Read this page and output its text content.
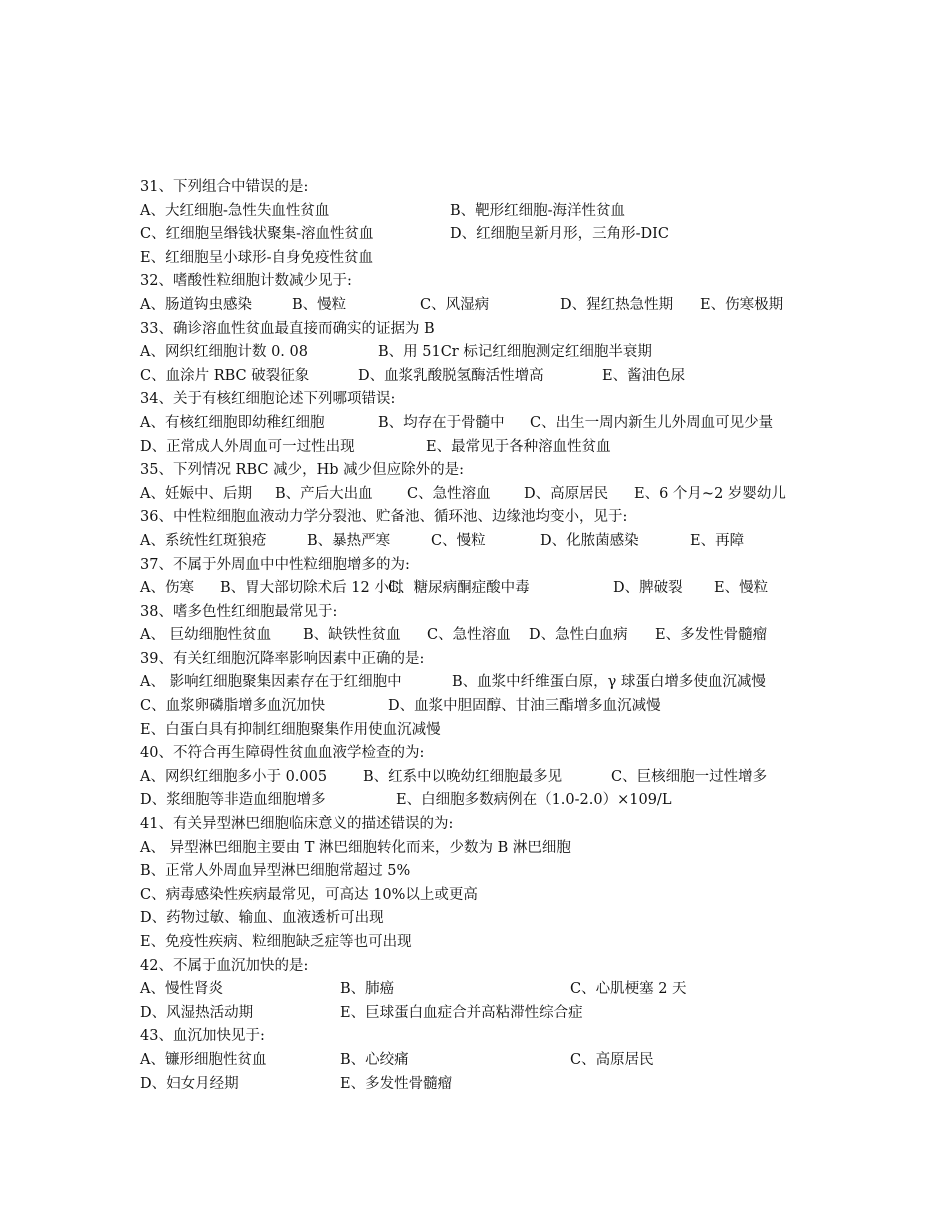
31、下列组合中错误的是:
A、大红细胞-急性失血性贫血	B、靶形红细胞-海洋性贫血
C、红细胞呈缗钱状聚集-溶血性贫血	D、红细胞呈新月形，三角形-DIC
E、红细胞呈小球形-自身免疫性贫血
32、嗜酸性粒细胞计数减少见于:
A、肠道钩虫感染	B、慢粒	C、风湿病	D、猩红热急性期 E、伤寒极期
33、确诊溶血性贫血最直接而确实的证据为 B
A、网织红细胞计数 0. 08	B、用 51Cr 标记红细胞测定红细胞半衰期
C、血涂片 RBC 破裂征象	D、血浆乳酸脱氢酶活性增高	E、酱油色尿
34、关于有核红细胞论述下列哪项错误:
A、有核红细胞即幼稚红细胞	B、均存在于骨髓中 C、出生一周内新生儿外周血可见少量
D、正常成人外周血可一过性出现	E、最常见于各种溶血性贫血
35、下列情况 RBC 减少，Hb 减少但应除外的是:
A、妊娠中、后期 B、产后大出血 C、急性溶血 D、高原居民 E、6 个月~2 岁婴幼儿
36、中性粒细胞血液动力学分裂池、贮备池、循环池、边缘池均变小，见于:
A、系统性红斑狼疮	B、暴热严寒	C、慢粒	D、化脓菌感染	E、再障
37、不属于外周血中中性粒细胞增多的为:
A、伤寒 B、胃大部切除术后 12 小时
C、糖尿病酮症酸中毒	D、脾破裂 E、慢粒
38、嗜多色性红细胞最常见于:
A、 巨幼细胞性贫血 B、缺铁性贫血 C、急性溶血 D、急性白血病 E、多发性骨髓瘤
39、有关红细胞沉降率影响因素中正确的是:
A、 影响红细胞聚集因素存在于红细胞中	B、血浆中纤维蛋白原，γ 球蛋白增多使血沉减慢
C、血浆卵磷脂增多血沉加快	D、血浆中胆固醇、甘油三酯增多血沉减慢
E、白蛋白具有抑制红细胞聚集作用使血沉减慢
40、不符合再生障碍性贫血血液学检查的为:
A、网织红细胞多小于 0.005 B、红系中以晚幼红细胞最多见	C、巨核细胞一过性增多
D、浆细胞等非造血细胞增多	E、白细胞多数病例在（1.0-2.0）×109/L
41、有关异型淋巴细胞临床意义的描述错误的为:
A、 异型淋巴细胞主要由 T 淋巴细胞转化而来，少数为 B 淋巴细胞
B、正常人外周血异型淋巴细胞常超过 5%
C、病毒感染性疾病最常见，可高达 10%以上或更高
D、药物过敏、输血、血液透析可出现
E、免疫性疾病、粒细胞缺乏症等也可出现
42、不属于血沉加快的是:
A、慢性肾炎	B、肺癌	C、心肌梗塞 2 天
D、风湿热活动期	E、巨球蛋白血症合并高粘滞性综合症
43、血沉加快见于:
A、镰形细胞性贫血	B、心绞痛	C、高原居民
D、妇女月经期	E、多发性骨髓瘤
